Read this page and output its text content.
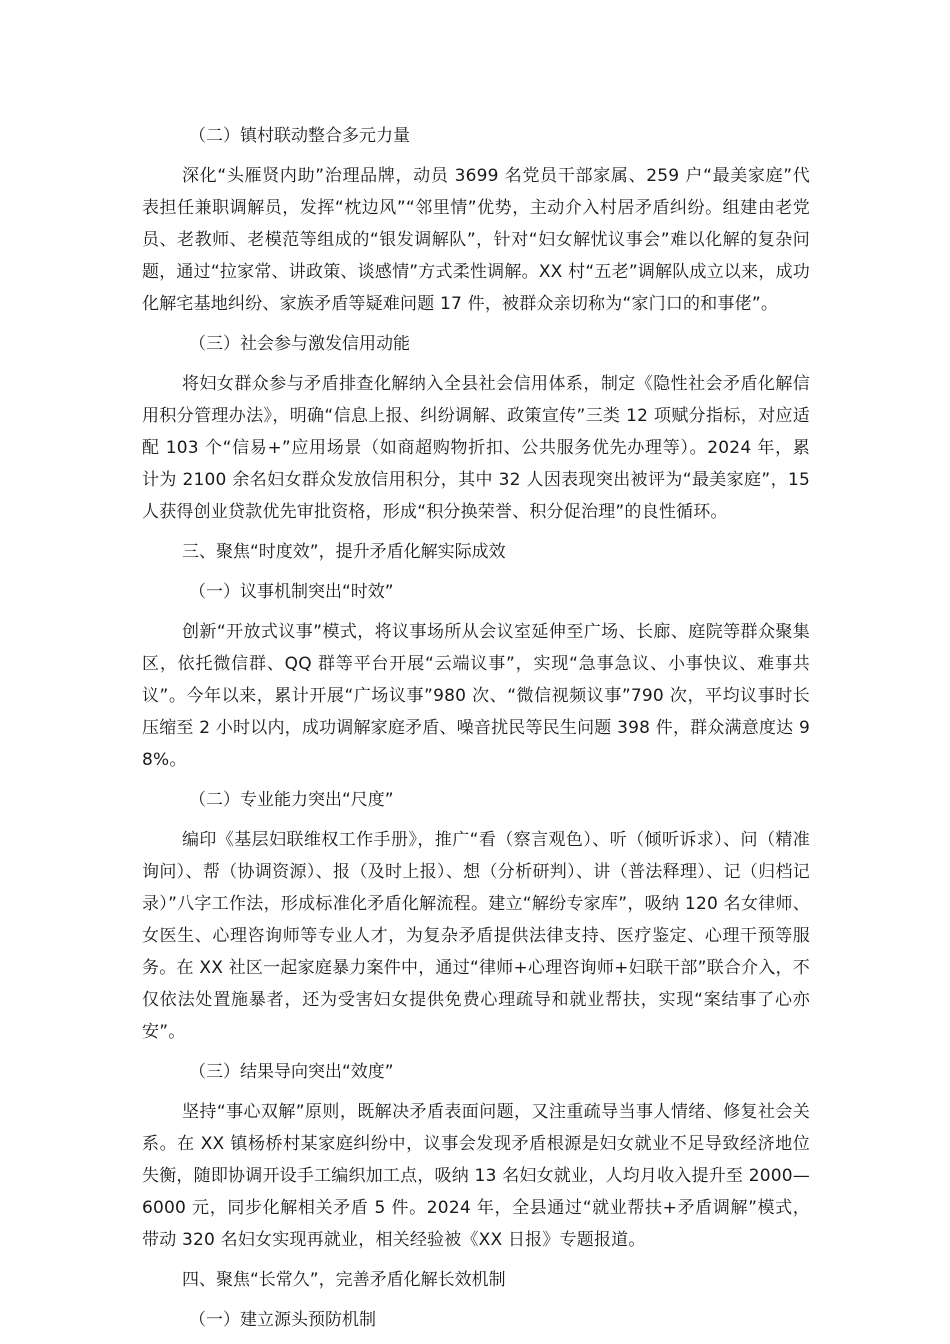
（二）镇村联动整合多元力量
深化“头雁贤内助”治理品牌，动员 3699 名党员干部家属、259 户“最美家庭”代表担任兼职调解员，发挥“枕边风”“邻里情”优势，主动介入村居矛盾纠纷。组建由老党员、老教师、老模范等组成的“银发调解队”，针对“妇女解忧议事会”难以化解的复杂问题，通过“拉家常、讲政策、谈感情”方式柔性调解。XX 村“五老”调解队成立以来，成功化解宅基地纠纷、家族矛盾等疑难问题 17 件，被群众亲切称为“家门口的和事佬”。
（三）社会参与激发信用动能
将妇女群众参与矛盾排查化解纳入全县社会信用体系，制定《隐性社会矛盾化解信用积分管理办法》，明确“信息上报、纠纷调解、政策宣传”三类 12 项赋分指标，对应适配 103 个“信易+”应用场景（如商超购物折扣、公共服务优先办理等）。2024 年，累计为 2100 余名妇女群众发放信用积分，其中 32 人因表现突出被评为“最美家庭”，15 人获得创业贷款优先审批资格，形成“积分换荣誉、积分促治理”的良性循环。
三、聚焦“时度效”，提升矛盾化解实际成效
（一）议事机制突出“时效”
创新“开放式议事”模式，将议事场所从会议室延伸至广场、长廊、庭院等群众聚集区，依托微信群、QQ 群等平台开展“云端议事”，实现“急事急议、小事快议、难事共议”。今年以来，累计开展“广场议事”980 次、“微信视频议事”790 次，平均议事时长压缩至 2 小时以内，成功调解家庭矛盾、噪音扰民等民生问题 398 件，群众满意度达 98%。
（二）专业能力突出“尺度”
编印《基层妇联维权工作手册》，推广“看（察言观色）、听（倾听诉求）、问（精准询问）、帮（协调资源）、报（及时上报）、想（分析研判）、讲（普法释理）、记（归档记录）”八字工作法，形成标准化矛盾化解流程。建立“解纷专家库”，吸纳 120 名女律师、女医生、心理咨询师等专业人才，为复杂矛盾提供法律支持、医疗鉴定、心理干预等服务。在 XX 社区一起家庭暴力案件中，通过“律师+心理咨询师+妇联干部”联合介入，不仅依法处置施暴者，还为受害妇女提供免费心理疏导和就业帮扶，实现“案结事了心亦安”。
（三）结果导向突出“效度”
坚持“事心双解”原则，既解决矛盾表面问题，又注重疏导当事人情绪、修复社会关系。在 XX 镇杨桥村某家庭纠纷中，议事会发现矛盾根源是妇女就业不足导致经济地位失衡，随即协调开设手工编织加工点，吸纳 13 名妇女就业，人均月收入提升至 2000—6000 元，同步化解相关矛盾 5 件。2024 年，全县通过“就业帮扶+矛盾调解”模式，带动 320 名妇女实现再就业，相关经验被《XX 日报》专题报道。
四、聚焦“长常久”，完善矛盾化解长效机制
（一）建立源头预防机制
